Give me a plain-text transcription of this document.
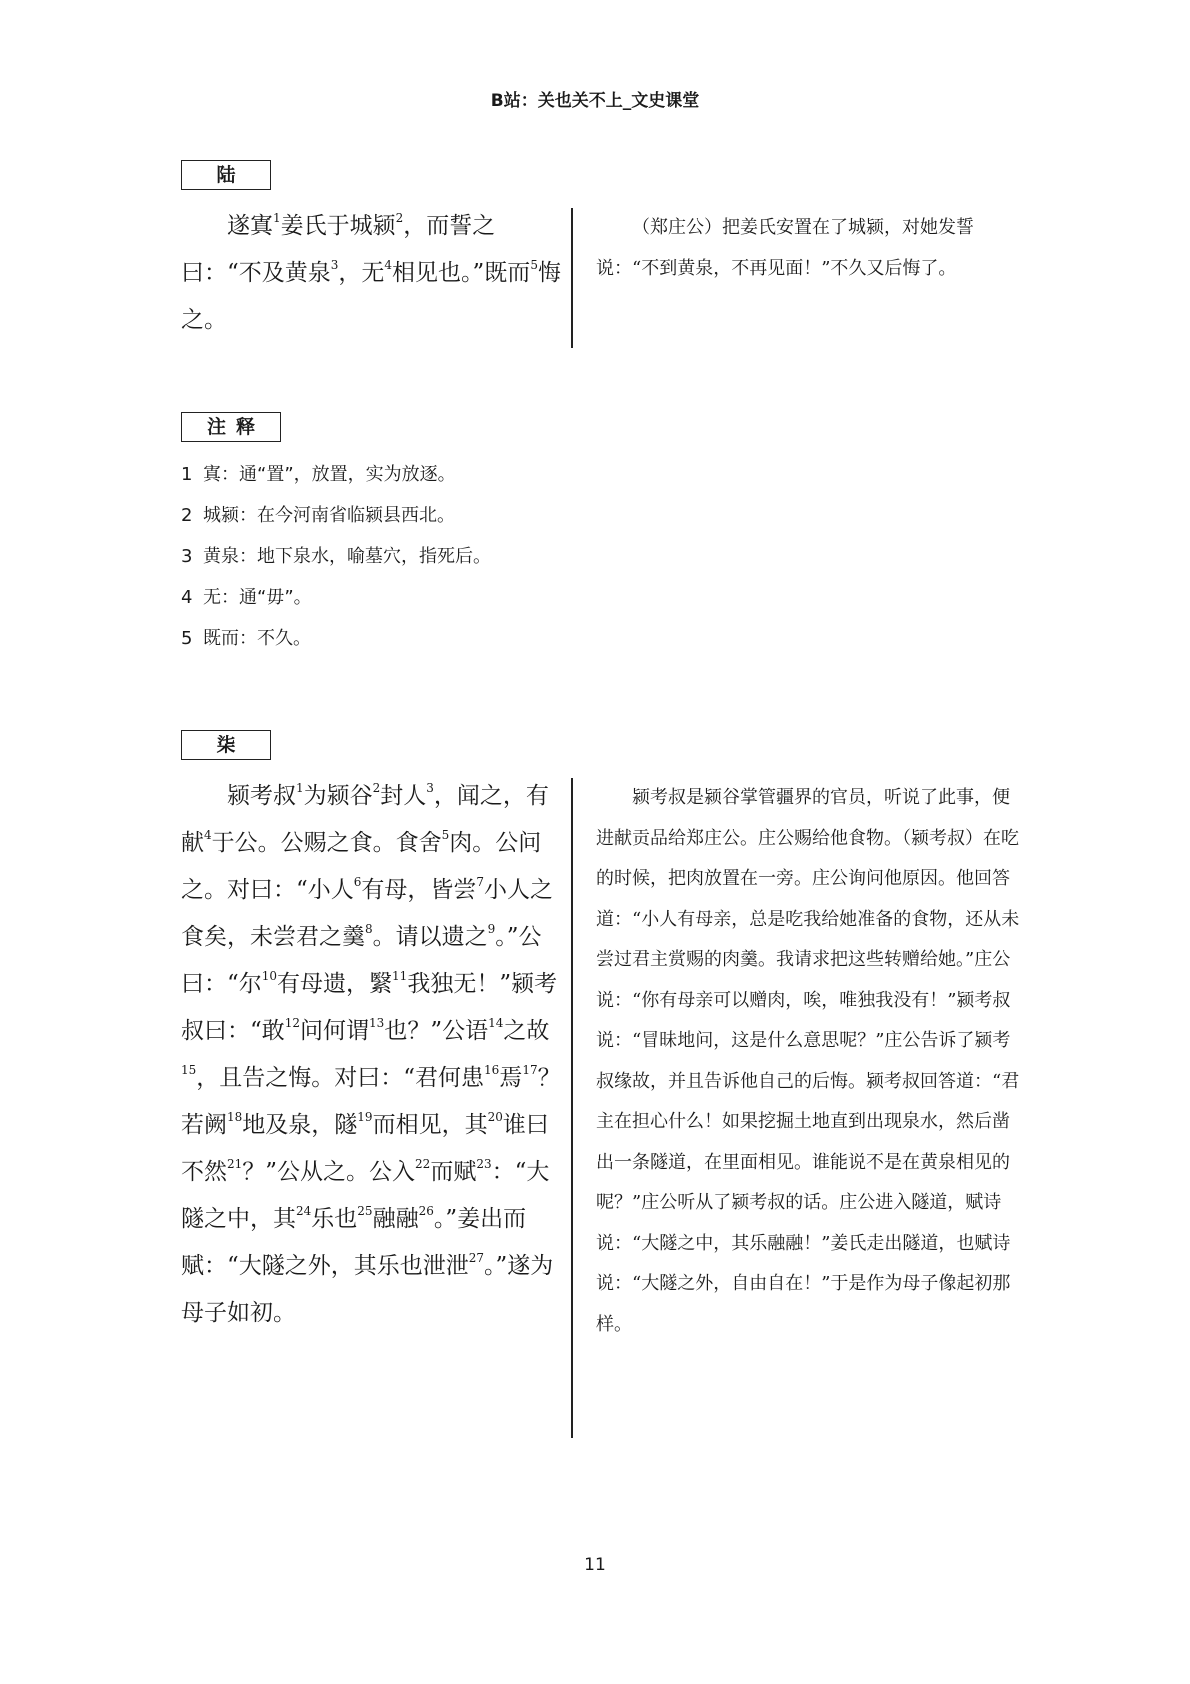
B站：关也关不上_文史课堂
陆

遂寘$^1$姜氏于城颍$^2$，而誓之曰：“不及黄泉$^3$，无$^4$相见也。”既而$^5$悔之。

（郑庄公）把姜氏安置在了城颍，对她发誓说：“不到黄泉，不再见面！”不久又后悔了。

注释
1 寘：通“置”，放置，实为放逐。
2 城颍：在今河南省临颍县西北。
3 黄泉：地下泉水，喻墓穴，指死后。
4 无：通“毋”。
5 既而：不久。
柒

颍考叔$^1$为颍谷$^2$封人$^3$，闻之，有献$^4$于公。公赐之食。食舍$^5$肉。公问之。对曰：“小人$^6$有母，皆尝$^7$小人之食矣，未尝君之羹$^8$。请以遗之$^9$。”公曰：“尔$^{10}$有母遗，繄$^{11}$我独无！”颍考叔曰：“敢$^{12}$问何谓$^{13}$也？”公语$^{14}$之故$^{15}$，且告之悔。对曰：“君何患$^{16}$焉$^{17}$？若阙$^{18}$地及泉，隧$^{19}$而相见，其$^{20}$谁曰不然$^{21}$？”公从之。公入$^{22}$而赋$^{23}$：“大隧之中，其$^{24}$乐也$^{25}$融融$^{26}$。”姜出而赋：“大隧之外，其乐也泄泄$^{27}$。”遂为母子如初。

颍考叔是颍谷掌管疆界的官员，听说了此事，便进献贡品给郑庄公。庄公赐给他食物。（颍考叔）在吃的时候，把肉放置在一旁。庄公询问他原因。他回答道：“小人有母亲，总是吃我给她准备的食物，还从未尝过君主赏赐的肉羹。我请求把这些转赠给她。”庄公说：“你有母亲可以赠肉，唉，唯独我没有！”颍考叔说：“冒昧地问，这是什么意思呢？”庄公告诉了颍考叔缘故，并且告诉他自己的后悔。颍考叔回答道：“君主在担心什么！如果挖掘土地直到出现泉水，然后凿出一条隧道，在里面相见。谁能说不是在黄泉相见的呢？”庄公听从了颍考叔的话。庄公进入隧道，赋诗说：“大隧之中，其乐融融！”姜氏走出隧道，也赋诗说：“大隧之外，自由自在！”于是作为母子像起初那样。

11
